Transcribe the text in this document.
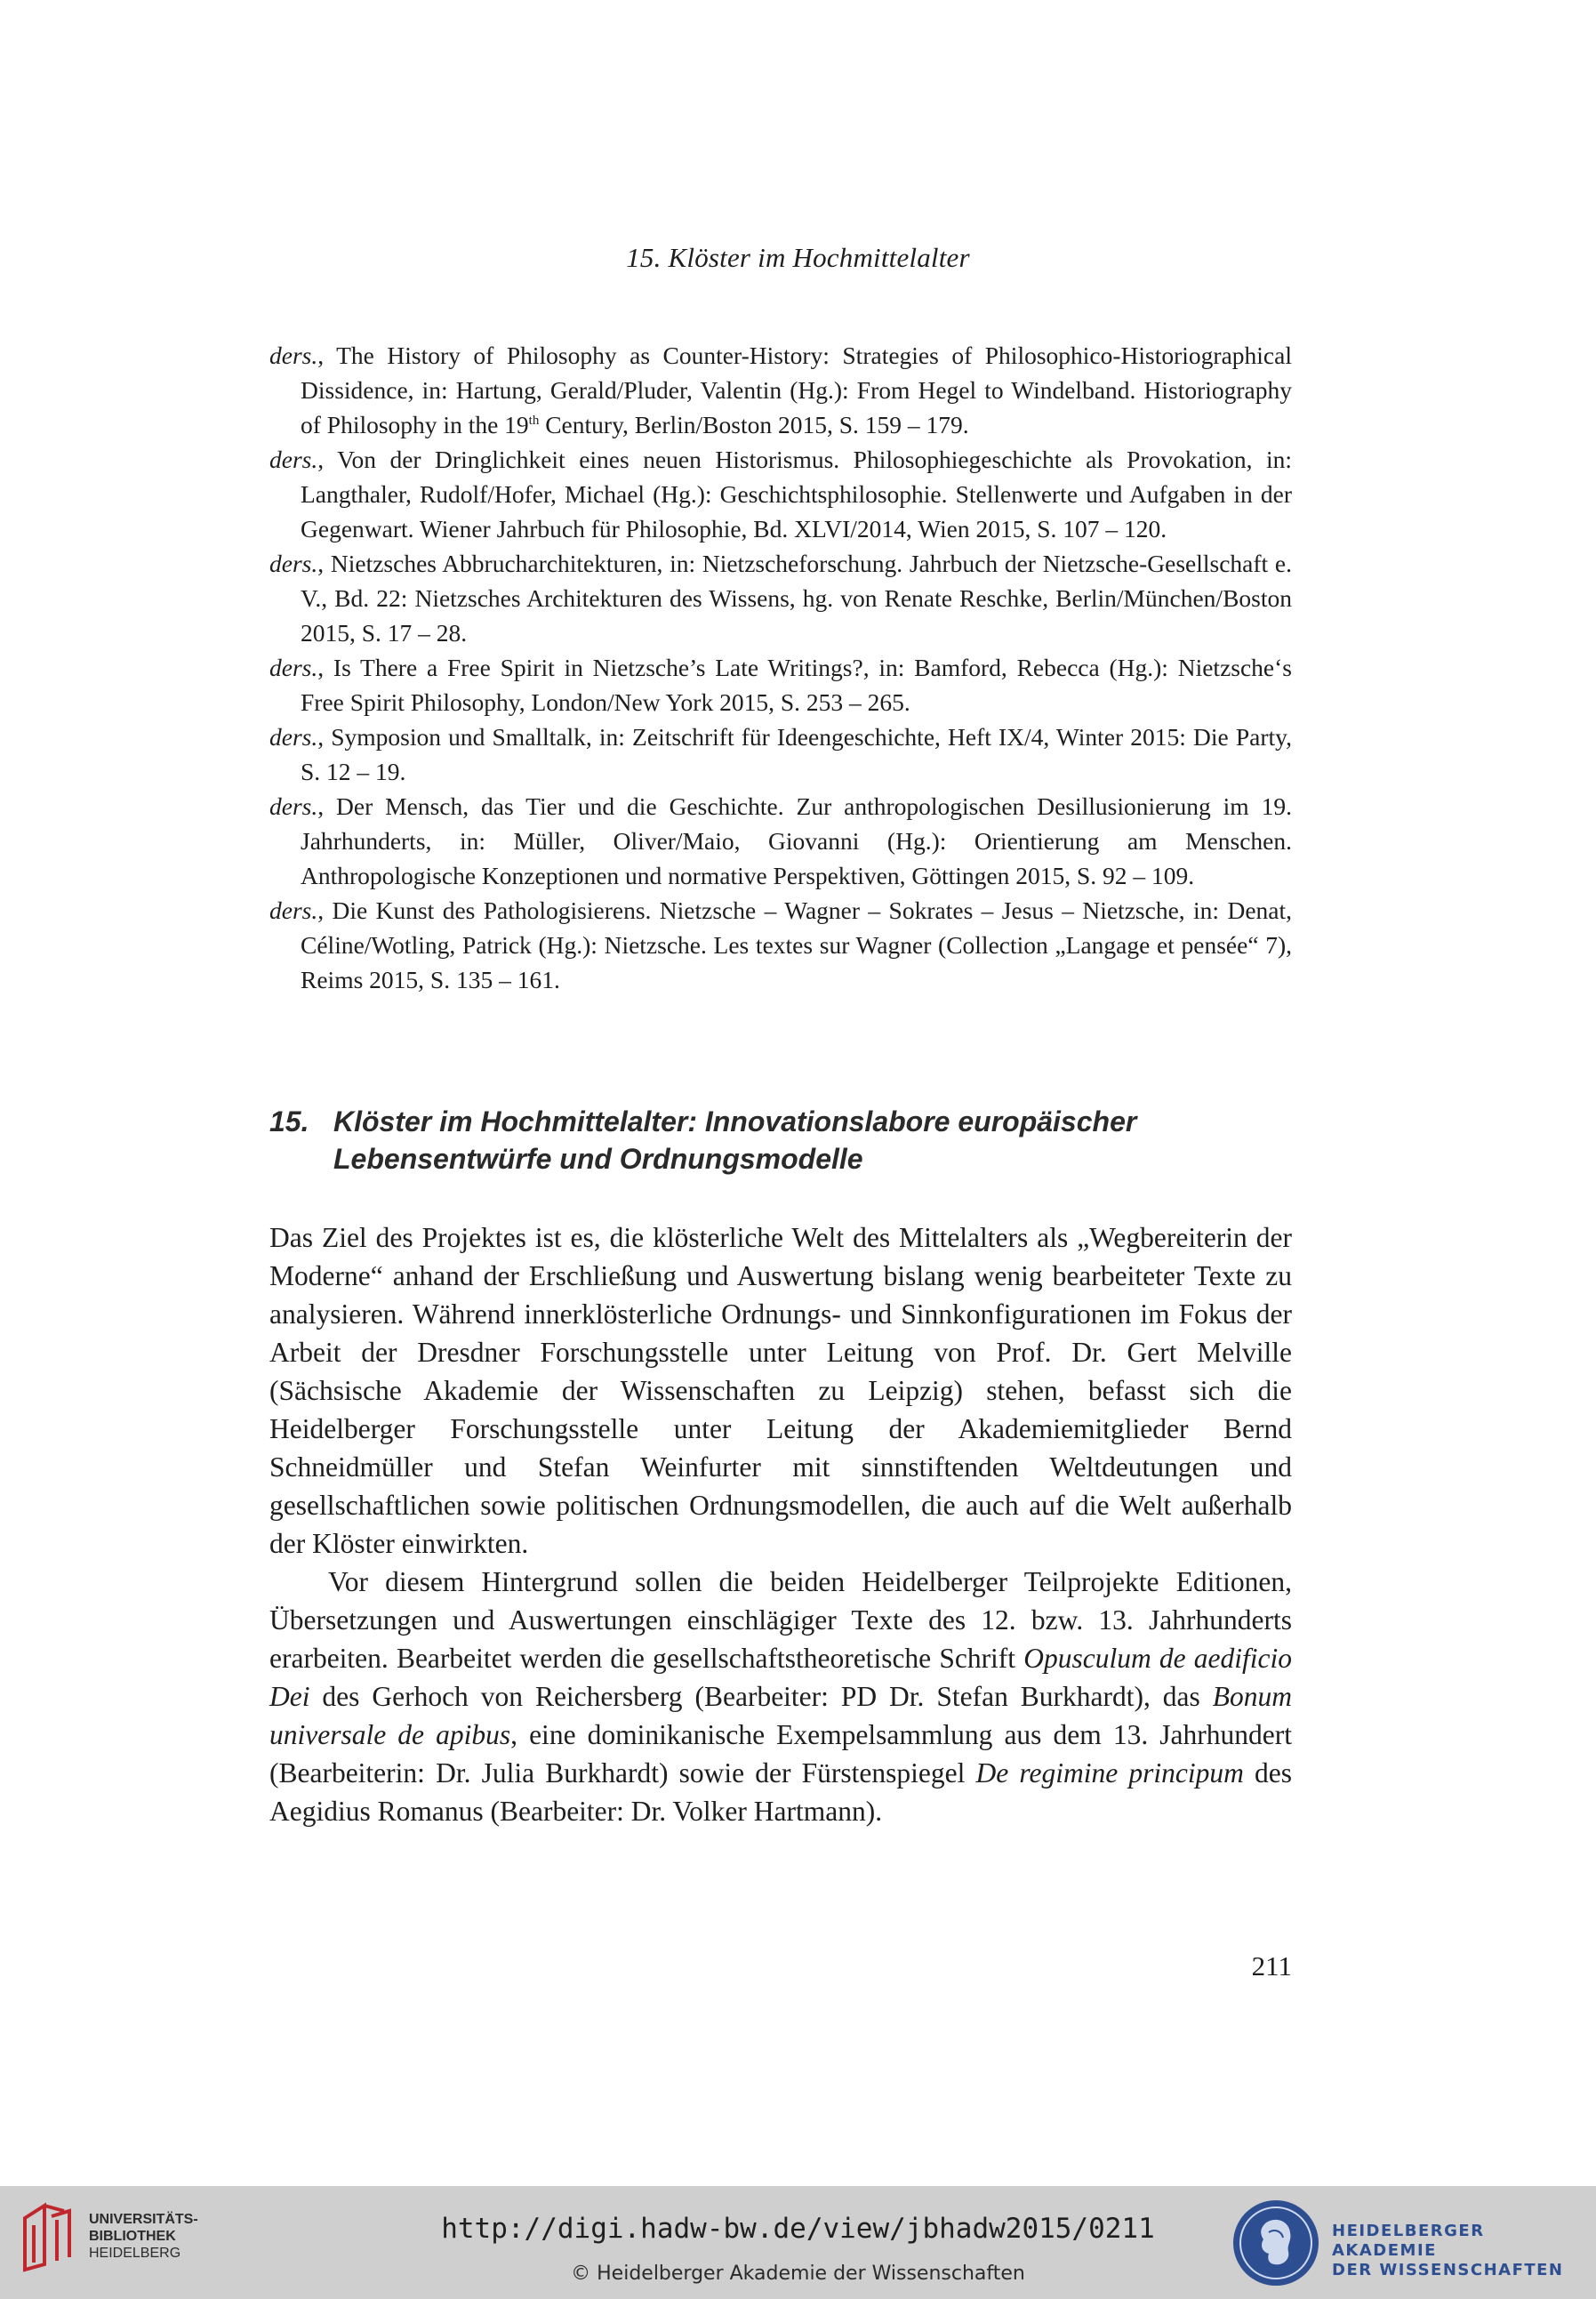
15. Klöster im Hochmittelalter

ders., The History of Philosophy as Counter-History: Strategies of Philosophico-Historiographical Dissidence, in: Hartung, Gerald/Pluder, Valentin (Hg.): From Hegel to Windelband. Historiography of Philosophy in the 19th Century, Berlin/Boston 2015, S. 159 – 179.

ders., Von der Dringlichkeit eines neuen Historismus. Philosophiegeschichte als Provokation, in: Langthaler, Rudolf/Hofer, Michael (Hg.): Geschichtsphilosophie. Stellenwerte und Aufgaben in der Gegenwart. Wiener Jahrbuch für Philosophie, Bd. XLVI/2014, Wien 2015, S. 107 – 120.

ders., Nietzsches Abbrucharchitekturen, in: Nietzscheforschung. Jahrbuch der Nietzsche-Gesellschaft e. V., Bd. 22: Nietzsches Architekturen des Wissens, hg. von Renate Reschke, Berlin/München/Boston 2015, S. 17 – 28.

ders., Is There a Free Spirit in Nietzsche’s Late Writings?, in: Bamford, Rebecca (Hg.): Nietzsche‘s Free Spirit Philosophy, London/New York 2015, S. 253 – 265.

ders., Symposion und Smalltalk, in: Zeitschrift für Ideengeschichte, Heft IX/4, Winter 2015: Die Party, S. 12 – 19.

ders., Der Mensch, das Tier und die Geschichte. Zur anthropologischen Desillusionierung im 19. Jahrhunderts, in: Müller, Oliver/Maio, Giovanni (Hg.): Orientierung am Menschen. Anthropologische Konzeptionen und normative Perspektiven, Göttingen 2015, S. 92 – 109.

ders., Die Kunst des Pathologisierens. Nietzsche – Wagner – Sokrates – Jesus – Nietzsche, in: Denat, Céline/Wotling, Patrick (Hg.): Nietzsche. Les textes sur Wagner (Collection „Langage et pensée“ 7), Reims 2015, S. 135 – 161.

15. Klöster im Hochmittelalter: Innovationslabore europäischer Lebensentwürfe und Ordnungsmodelle

Das Ziel des Projektes ist es, die klösterliche Welt des Mittelalters als „Wegbereiterin der Moderne“ anhand der Erschließung und Auswertung bislang wenig bearbeiteter Texte zu analysieren. Während innerklösterliche Ordnungs- und Sinnkonfigurationen im Fokus der Arbeit der Dresdner Forschungsstelle unter Leitung von Prof. Dr. Gert Melville (Sächsische Akademie der Wissenschaften zu Leipzig) stehen, befasst sich die Heidelberger Forschungsstelle unter Leitung der Akademiemitglieder Bernd Schneidmüller und Stefan Weinfurter mit sinnstiftenden Weltdeutungen und gesellschaftlichen sowie politischen Ordnungsmodellen, die auch auf die Welt außerhalb der Klöster einwirkten.

Vor diesem Hintergrund sollen die beiden Heidelberger Teilprojekte Editionen, Übersetzungen und Auswertungen einschlägiger Texte des 12. bzw. 13. Jahrhunderts erarbeiten. Bearbeitet werden die gesellschaftstheoretische Schrift Opusculum de aedificio Dei des Gerhoch von Reichersberg (Bearbeiter: PD Dr. Stefan Burkhardt), das Bonum universale de apibus, eine dominikanische Exempelsammlung aus dem 13. Jahrhundert (Bearbeiterin: Dr. Julia Burkhardt) sowie der Fürstenspiegel De regimine principum des Aegidius Romanus (Bearbeiter: Dr. Volker Hartmann).

211
UNIVERSITÄTS-
BIBLIOTHEK
HEIDELBERG
http://digi.hadw-bw.de/view/jbhadw2015/0211
© Heidelberger Akademie der Wissenschaften
HEIDELBERGER AKADEMIE
DER WISSENSCHAFTEN
